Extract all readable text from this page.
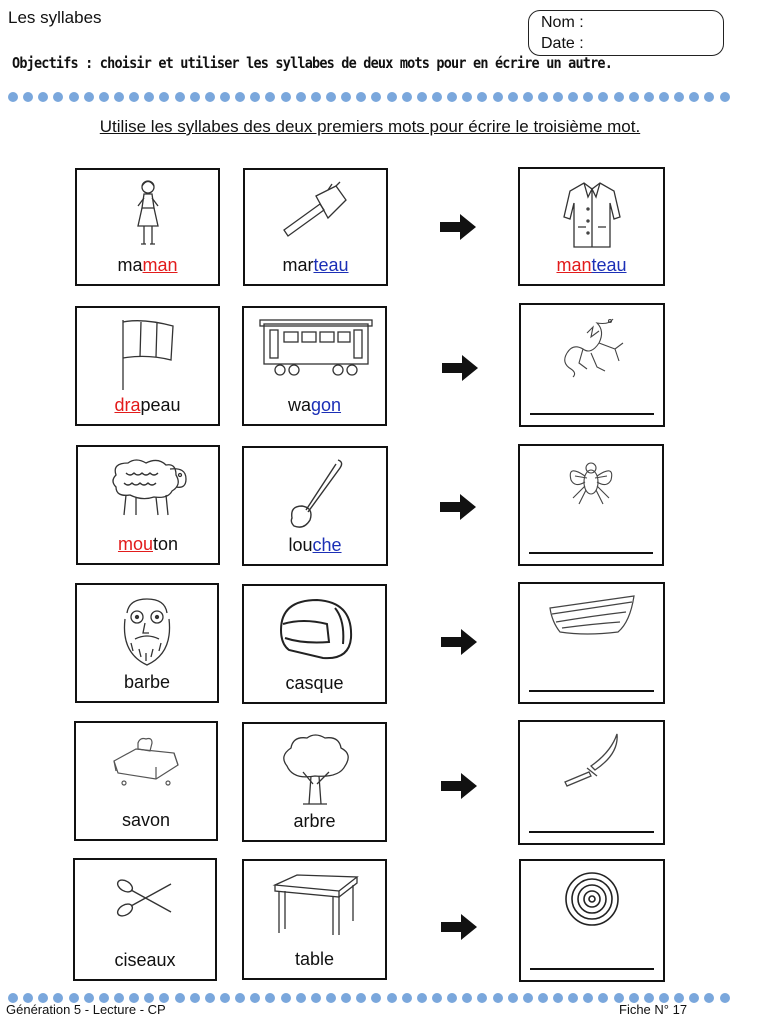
Les syllabes	Nom :
Date :
Objectifs : choisir et utiliser les syllabes de deux mots pour en écrire un autre.
Utilise les syllabes des deux premiers mots pour écrire le troisième mot.
maman	marteau	manteau
drapeau	wagon
mouton	louche
barbe	casque
savon	arbre
ciseaux	table
Génération 5 - Lecture - CP	Fiche N° 17
